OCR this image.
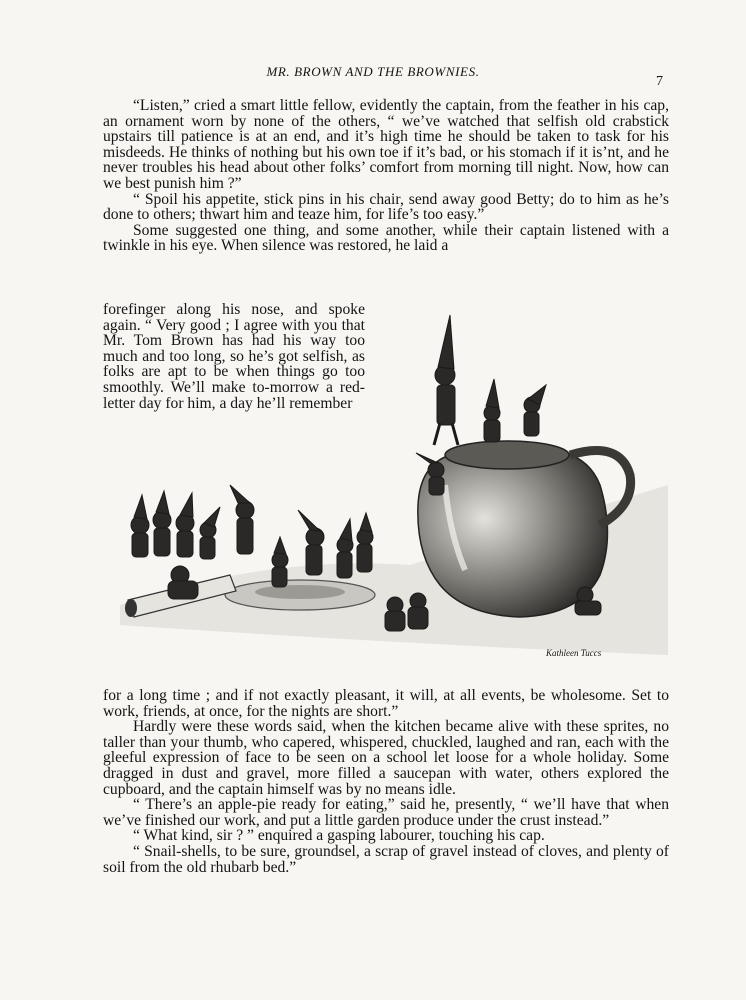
MR. BROWN AND THE BROWNIES.
7

“Listen,” cried a smart little fellow, evidently the captain, from the feather in his cap, an ornament worn by none of the others, “ we’ve watched that selfish old crabstick upstairs till patience is at an end, and it’s high time he should be taken to task for his misdeeds. He thinks of nothing but his own toe if it’s bad, or his stomach if it is’nt, and he never troubles his head about other folks’ comfort from morning till night. Now, how can we best punish him ?”

“ Spoil his appetite, stick pins in his chair, send away good Betty; do to him as he’s done to others; thwart him and teaze him, for life’s too easy.”

Some suggested one thing, and some another, while their captain listened with a twinkle in his eye. When silence was restored, he laid a

forefinger along his nose, and spoke again. “ Very good ; I agree with you that Mr. Tom Brown has had his way too much and too long, so he’s got selfish, as folks are apt to be when things go too smoothly. We’ll make to-morrow a red-letter day for him, a day he’ll remember

Kathleen Tuccs

for a long time ; and if not exactly pleasant, it will, at all events, be wholesome. Set to work, friends, at once, for the nights are short.”

Hardly were these words said, when the kitchen became alive with these sprites, no taller than your thumb, who capered, whispered, chuckled, laughed and ran, each with the gleeful expression of face to be seen on a school let loose for a whole holiday. Some dragged in dust and gravel, more filled a saucepan with water, others explored the cupboard, and the captain himself was by no means idle.

“ There’s an apple-pie ready for eating,” said he, presently, “ we’ll have that when we’ve finished our work, and put a little garden produce under the crust instead.”

“ What kind, sir ? ” enquired a gasping labourer, touching his cap.

“ Snail-shells, to be sure, groundsel, a scrap of gravel instead of cloves, and plenty of soil from the old rhubarb bed.”
